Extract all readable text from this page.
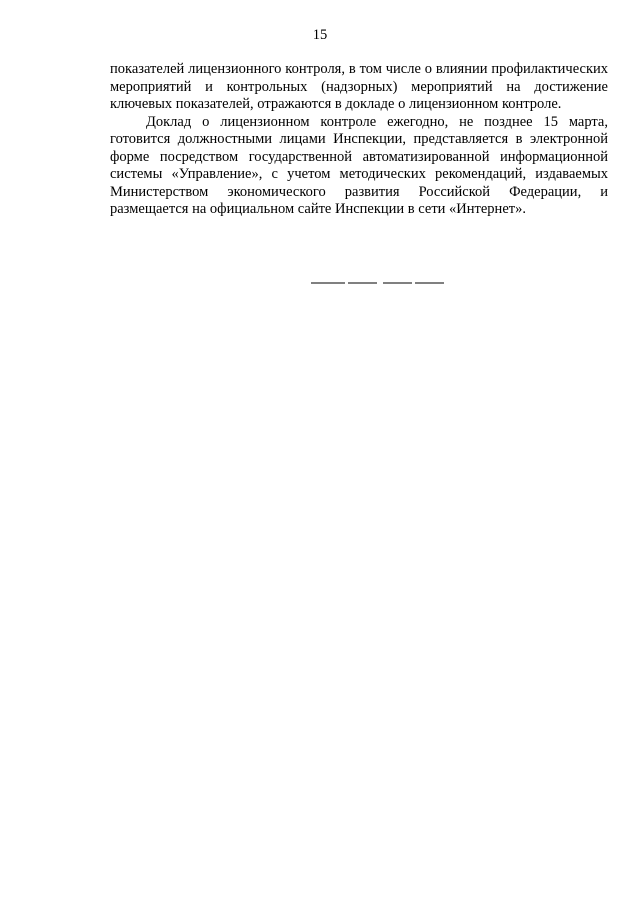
15

показателей лицензионного контроля, в том числе о влиянии профилактических мероприятий и контрольных (надзорных) мероприятий на достижение ключевых показателей, отражаются в докладе о лицензионном контроле.

Доклад о лицензионном контроле ежегодно, не позднее 15 марта, готовится должностными лицами Инспекции, представляется в электронной форме посредством государственной автоматизированной информационной системы «Управление», с учетом методических рекомендаций, издаваемых Министерством экономического развития Российской Федерации, и размещается на официальном сайте Инспекции в сети «Интернет».
